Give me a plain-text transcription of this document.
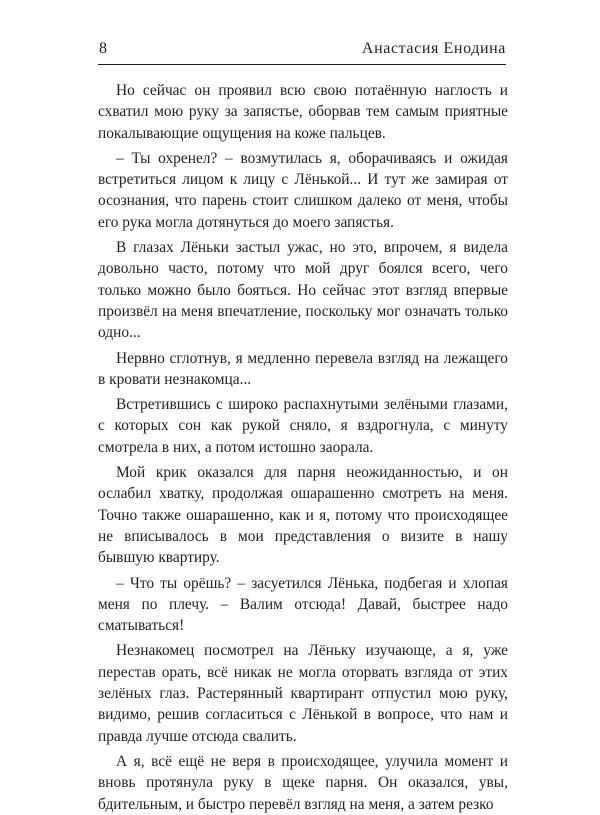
8	Анастасия Енодина

Но сейчас он проявил всю свою потаённую наглость и схватил мою руку за запястье, оборвав тем самым приятные покалывающие ощущения на коже пальцев.

– Ты охренел? – возмутилась я, оборачиваясь и ожидая встретиться лицом к лицу с Лёнькой... И тут же замирая от осознания, что парень стоит слишком далеко от меня, чтобы его рука могла дотянуться до моего запястья.

В глазах Лёньки застыл ужас, но это, впрочем, я видела довольно часто, потому что мой друг боялся всего, чего только можно было бояться. Но сейчас этот взгляд впервые произвёл на меня впечатление, поскольку мог означать только одно...

Нервно сглотнув, я медленно перевела взгляд на лежащего в кровати незнакомца...

Встретившись с широко распахнутыми зелёными глазами, с которых сон как рукой сняло, я вздрогнула, с минуту смотрела в них, а потом истошно заорала.

Мой крик оказался для парня неожиданностью, и он ослабил хватку, продолжая ошарашенно смотреть на меня. Точно также ошарашенно, как и я, потому что происходящее не вписывалось в мои представления о визите в нашу бывшую квартиру.

– Что ты орёшь? – засуетился Лёнька, подбегая и хлопая меня по плечу. – Валим отсюда! Давай, быстрее надо сматываться!

Незнакомец посмотрел на Лёньку изучающе, а я, уже перестав орать, всё никак не могла оторвать взгляда от этих зелёных глаз. Растерянный квартирант отпустил мою руку, видимо, решив согласиться с Лёнькой в вопросе, что нам и правда лучше отсюда свалить.

А я, всё ещё не веря в происходящее, улучила момент и вновь протянула руку в щеке парня. Он оказался, увы, бдительным, и быстро перевёл взгляд на меня, а затем резко
